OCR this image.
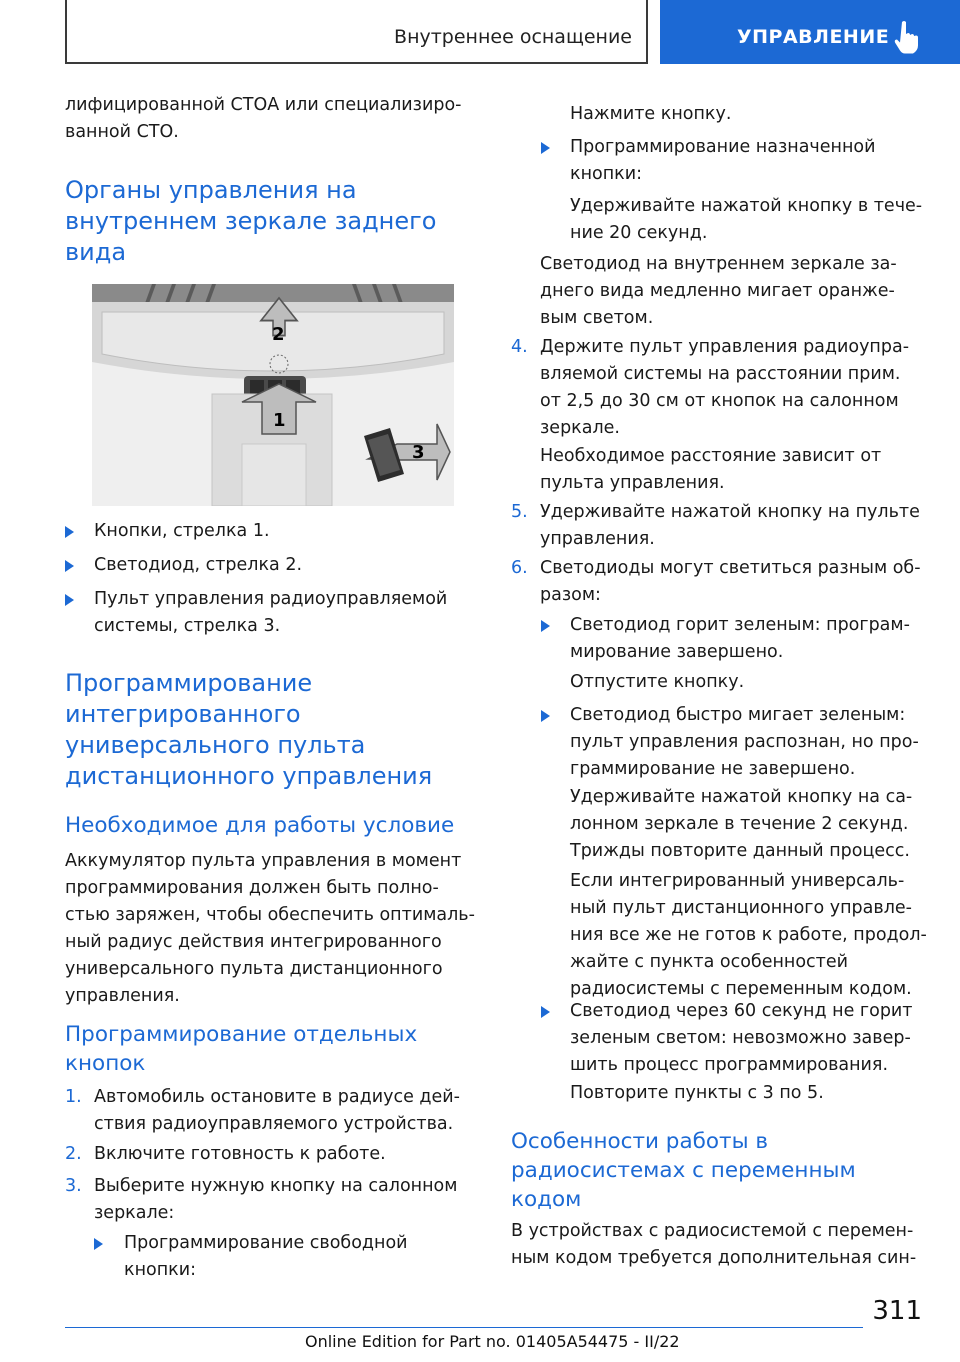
Внутреннее оснащение	УПРАВЛЕНИЕ
лифицированной СТОА или специализиро-
ванной СТО.
Органы управления на
внутреннем зеркале заднего
вида
2
1
3
Кнопки, стрелка 1.
Светодиод, стрелка 2.
Пульт управления радиоуправляемой
системы, стрелка 3.
Программирование
интегрированного
универсального пульта
дистанционного управления
Необходимое для работы условие
Аккумулятор пульта управления в момент
программирования должен быть полно-
стью заряжен, чтобы обеспечить оптималь-
ный радиус действия интегрированного
универсального пульта дистанционного
управления.
Программирование отдельных
кнопок
1. Автомобиль остановите в радиусе дей-
ствия радиоуправляемого устройства.
2. Включите готовность к работе.
3. Выберите нужную кнопку на салонном
зеркале:
Программирование свободной
кнопки:
Нажмите кнопку.
Программирование назначенной
кнопки:
Удерживайте нажатой кнопку в тече-
ние 20 секунд.
Светодиод на внутреннем зеркале за-
днего вида медленно мигает оранже-
вым светом.
4. Держите пульт управления радиоупра-
вляемой системы на расстоянии прим.
от 2,5 до 30 см от кнопок на салонном
зеркале.
Необходимое расстояние зависит от
пульта управления.
5. Удерживайте нажатой кнопку на пульте
управления.
6. Светодиоды могут светиться разным об-
разом:
Светодиод горит зеленым: програм-
мирование завершено.
Отпустите кнопку.
Светодиод быстро мигает зеленым:
пульт управления распознан, но про-
граммирование не завершено.
Удерживайте нажатой кнопку на са-
лонном зеркале в течение 2 секунд.
Трижды повторите данный процесс.
Если интегрированный универсаль-
ный пульт дистанционного управле-
ния все же не готов к работе, продол-
жайте с пункта особенностей
радиосистемы с переменным кодом.
Светодиод через 60 секунд не горит
зеленым светом: невозможно завер-
шить процесс программирования.
Повторите пункты с 3 по 5.
Особенности работы в
радиосистемах с переменным
кодом
В устройствах с радиосистемой с перемен-
ным кодом требуется дополнительная син-
311
Online Edition for Part no. 01405A54475 - II/22
